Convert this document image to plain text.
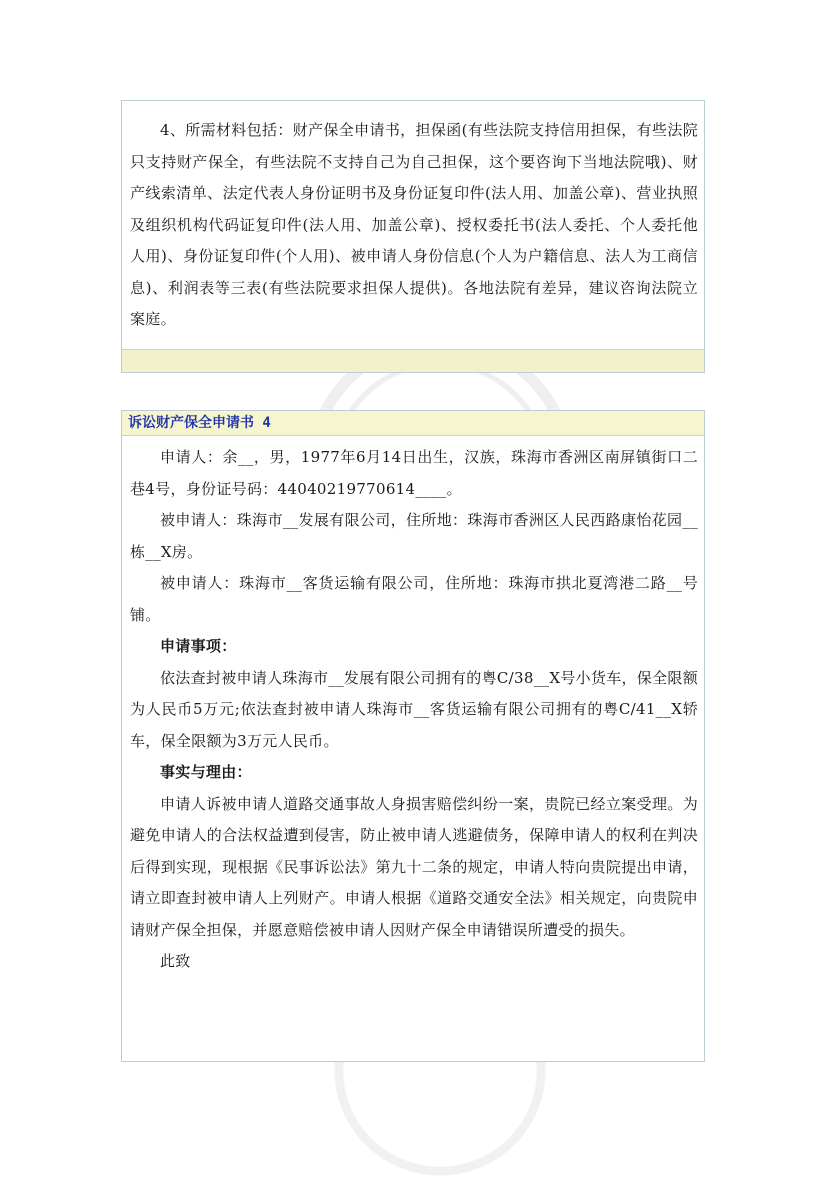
4、所需材料包括：财产保全申请书，担保函(有些法院支持信用担保，有些法院只支持财产保全，有些法院不支持自己为自己担保，这个要咨询下当地法院哦)、财产线索清单、法定代表人身份证明书及身份证复印件(法人用、加盖公章)、营业执照及组织机构代码证复印件(法人用、加盖公章)、授权委托书(法人委托、个人委托他人用)、身份证复印件(个人用)、被申请人身份信息(个人为户籍信息、法人为工商信息)、利润表等三表(有些法院要求担保人提供)。各地法院有差异，建议咨询法院立案庭。

诉讼财产保全申请书 4

申请人：余__，男，1977年6月14日出生，汉族，珠海市香洲区南屏镇街口二巷4号，身份证号码：44040219770614____。

被申请人：珠海市__发展有限公司，住所地：珠海市香洲区人民西路康怡花园__栋__X房。

被申请人：珠海市__客货运输有限公司，住所地：珠海市拱北夏湾港二路__号铺。

申请事项：

依法查封被申请人珠海市__发展有限公司拥有的粤C/38__X号小货车，保全限额为人民币5万元;依法查封被申请人珠海市__客货运输有限公司拥有的粤C/41__X轿车，保全限额为3万元人民币。

事实与理由：

申请人诉被申请人道路交通事故人身损害赔偿纠纷一案，贵院已经立案受理。为避免申请人的合法权益遭到侵害，防止被申请人逃避债务，保障申请人的权利在判决后得到实现，现根据《民事诉讼法》第九十二条的规定，申请人特向贵院提出申请，请立即查封被申请人上列财产。申请人根据《道路交通安全法》相关规定，向贵院申请财产保全担保，并愿意赔偿被申请人因财产保全申请错误所遭受的损失。

此致
